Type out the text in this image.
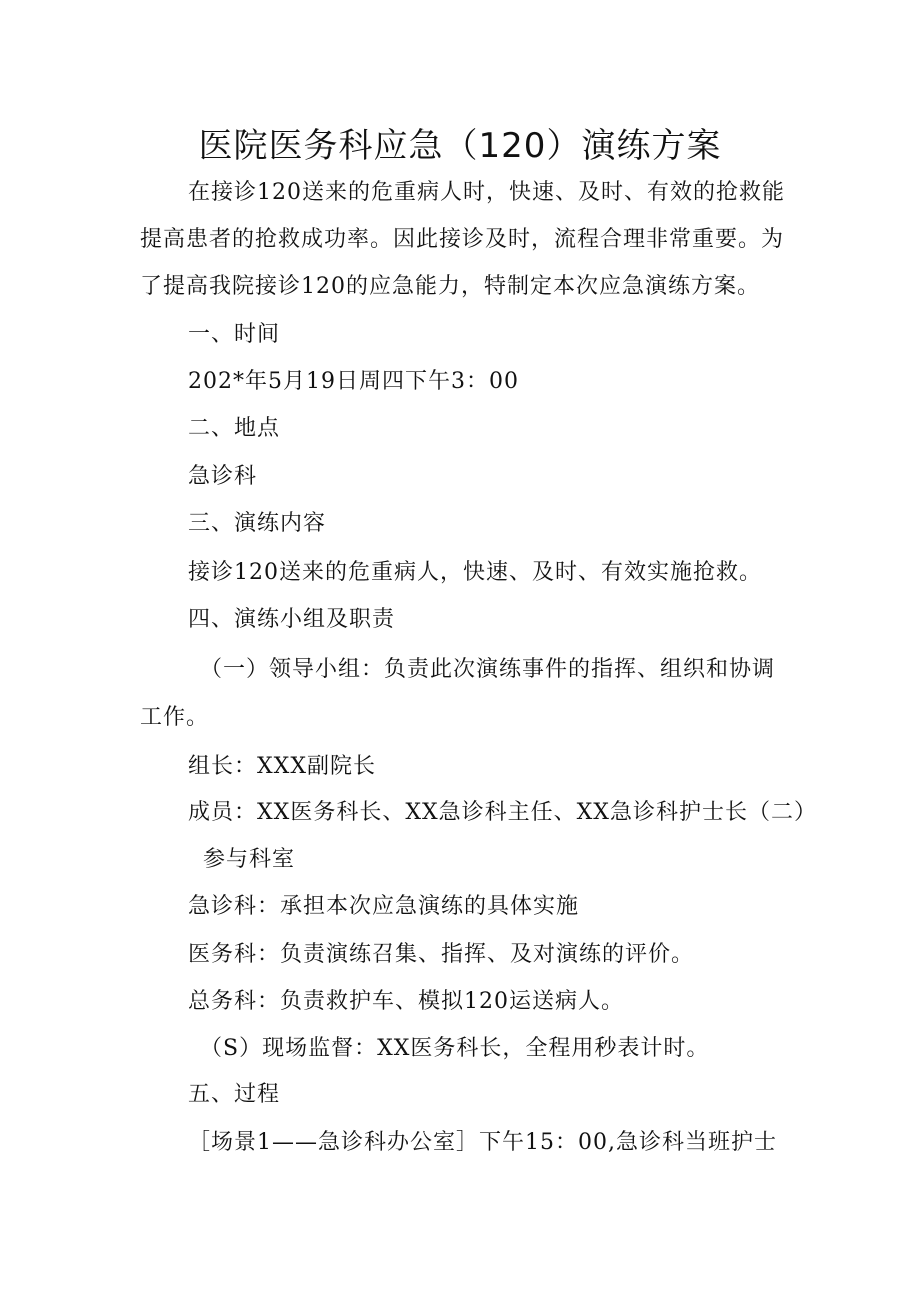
医院医务科应急（120）演练方案
在接诊120送来的危重病人时，快速、及时、有效的抢救能
提高患者的抢救成功率。因此接诊及时，流程合理非常重要。为
了提高我院接诊120的应急能力，特制定本次应急演练方案。
一、时间
202*年5月19日周四下午3：00
二、地点
急诊科
三、演练内容
接诊120送来的危重病人，快速、及时、有效实施抢救。
四、演练小组及职责
（一）领导小组：负责此次演练事件的指挥、组织和协调
工作。
组长：XXX副院长
成员：XX医务科长、XX急诊科主任、XX急诊科护士长（二）
参与科室
急诊科：承担本次应急演练的具体实施
医务科：负责演练召集、指挥、及对演练的评价。
总务科：负责救护车、模拟120运送病人。
（S）现场监督：XX医务科长，全程用秒表计时。
五、过程
［场景1——急诊科办公室］下午15：00,急诊科当班护士
